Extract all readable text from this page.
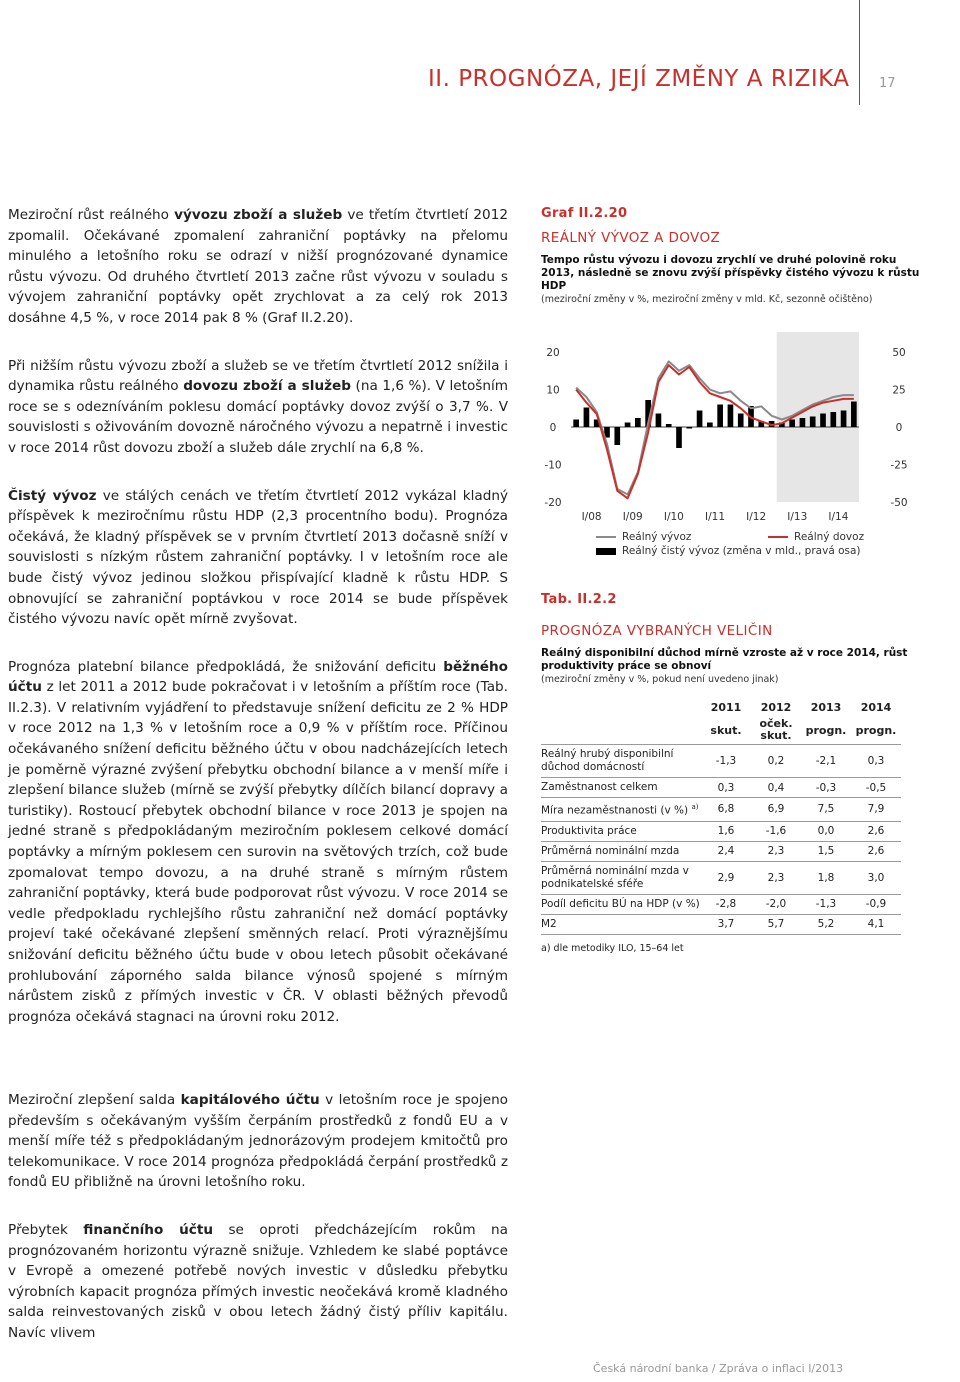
II. PROGNÓZA, JEJÍ ZMĚNY A RIZIKA 17

Meziroční růst reálného vývozu zboží a služeb ve třetím čtvrtletí 2012 zpomalil. Očekávané zpomalení zahraniční poptávky na přelomu minulého a letošního roku se odrazí v nižší prognózované dynamice růstu vývozu. Od druhého čtvrtletí 2013 začne růst vývozu v souladu s vývojem zahraniční poptávky opět zrychlovat a za celý rok 2013 dosáhne 4,5 %, v roce 2014 pak 8 % (Graf II.2.20).

Při nižším růstu vývozu zboží a služeb se ve třetím čtvrtletí 2012 snížila i dynamika růstu reálného dovozu zboží a služeb (na 1,6 %). V letošním roce se s odezníváním poklesu domácí poptávky dovoz zvýší o 3,7 %. V souvislosti s oživováním dovozně náročného vývozu a nepatrně i investic v roce 2014 růst dovozu zboží a služeb dále zrychlí na 6,8 %.

Čistý vývoz ve stálých cenách ve třetím čtvrtletí 2012 vykázal kladný příspěvek k meziročnímu růstu HDP (2,3 procentního bodu). Prognóza očekává, že kladný příspěvek se v prvním čtvrtletí 2013 dočasně sníží v souvislosti s nízkým růstem zahraniční poptávky. I v letošním roce ale bude čistý vývoz jedinou složkou přispívající kladně k růstu HDP. S obnovující se zahraniční poptávkou v roce 2014 se bude příspěvek čistého vývozu navíc opět mírně zvyšovat.

Prognóza platební bilance předpokládá, že snižování deficitu běžného účtu z let 2011 a 2012 bude pokračovat i v letošním a příštím roce (Tab. II.2.3). V relativním vyjádření to představuje snížení deficitu ze 2 % HDP v roce 2012 na 1,3 % v letošním roce a 0,9 % v příštím roce. Příčinou očekávaného snížení deficitu běžného účtu v obou nadcházejících letech je poměrně výrazné zvýšení přebytku obchodní bilance a v menší míře i zlepšení bilance služeb (mírně se zvýší přebytky dílčích bilancí dopravy a turistiky). Rostoucí přebytek obchodní bilance v roce 2013 je spojen na jedné straně s předpokládaným meziročním poklesem celkové domácí poptávky a mírným poklesem cen surovin na světových trzích, což bude zpomalovat tempo dovozu, a na druhé straně s mírným růstem zahraniční poptávky, která bude podporovat růst vývozu. V roce 2014 se vedle předpokladu rychlejšího růstu zahraniční než domácí poptávky projeví také očekávané zlepšení směnných relací. Proti výraznějšímu snižování deficitu běžného účtu bude v obou letech působit očekávané prohlubování záporného salda bilance výnosů spojené s mírným nárůstem zisků z přímých investic v ČR. V oblasti běžných převodů prognóza očekává stagnaci na úrovni roku 2012.

Meziroční zlepšení salda kapitálového účtu v letošním roce je spojeno především s očekávaným vyšším čerpáním prostředků z fondů EU a v menší míře též s předpokládaným jednorázovým prodejem kmitočtů pro telekomunikace. V roce 2014 prognóza předpokládá čerpání prostředků z fondů EU přibližně na úrovni letošního roku.

Přebytek finančního účtu se oproti předcházejícím rokům na prognózovaném horizontu výrazně snižuje. Vzhledem ke slabé poptávce v Evropě a omezené potřebě nových investic v důsledku přebytku výrobních kapacit prognóza přímých investic neočekává kromě kladného salda reinvestovaných zisků v obou letech žádný čistý příliv kapitálu. Navíc vlivem

Graf II.2.20
REÁLNÝ VÝVOZ A DOVOZ
Tempo růstu vývozu i dovozu zrychlí ve druhé polovině roku 2013, následně se znovu zvýší příspěvky čistého vývozu k růstu HDP
(meziroční změny v %, meziroční změny v mld. Kč, sezonně očištěno)
20
10
0
-10
-20
50
25
0
-25
-50
I/08 I/09 I/10 I/11 I/12 I/13 I/14
Reálný vývoz	Reálný dovoz
Reálný čistý vývoz (změna v mld., pravá osa)
Tab. II.2.2
PROGNÓZA VYBRANÝCH VELIČIN
Reálný disponibilní důchod mírně vzroste až v roce 2014, růst produktivity práce se obnoví
(meziroční změny v %, pokud není uvedeno jinak)
	2011	2012	2013	2014
	skut.	oček. skut.	progn.	progn.
Reálný hrubý disponibilní důchod domácností	-1,3	0,2	-2,1	0,3
Zaměstnanost celkem	0,3	0,4	-0,3	-0,5
Míra nezaměstnanosti (v %) $^{a)}$	6,8	6,9	7,5	7,9
Produktivita práce	1,6	-1,6	0,0	2,6
Průměrná nominální mzda	2,4	2,3	1,5	2,6
Průměrná nominální mzda v podnikatelské sféře	2,9	2,3	1,8	3,0
Podíl deficitu BÚ na HDP (v %)	-2,8	-2,0	-1,3	-0,9
M2	3,7	5,7	5,2	4,1
a) dle metodiky ILO, 15–64 let
Česká národní banka / Zpráva o inflaci I/2013
